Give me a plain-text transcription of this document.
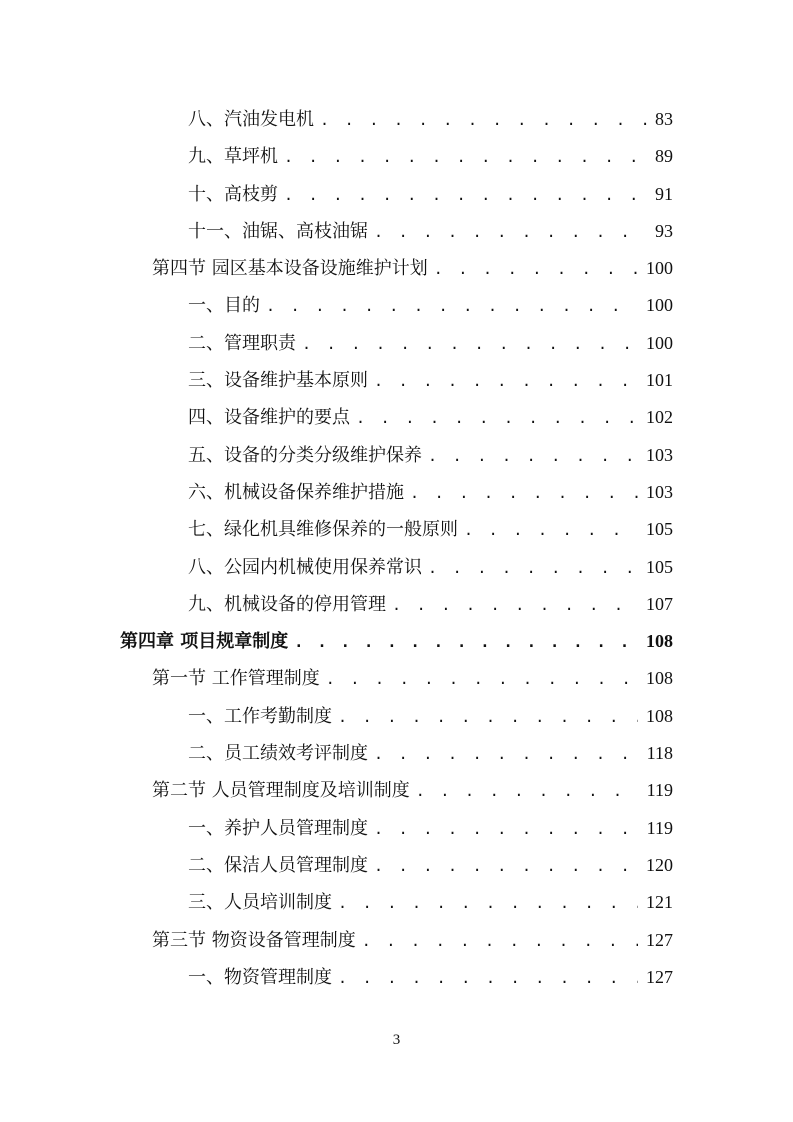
八、汽油发电机 . . .	83
九、草坪机 . . .	89
十、高枝剪 . . .	91
十一、油锯、高枝油锯 . . .	93
第四节 园区基本设备设施维护计划 . . .	100
一、目的 . . .	100
二、管理职责 . . .	100
三、设备维护基本原则 . . .	101
四、设备维护的要点 . . .	102
五、设备的分类分级维护保养 . . .	103
六、机械设备保养维护措施 . . .	103
七、绿化机具维修保养的一般原则 . . .	105
八、公园内机械使用保养常识 . . .	105
九、机械设备的停用管理 . . .	107
第四章 项目规章制度 . . .	108
第一节 工作管理制度 . . .	108
一、工作考勤制度 . . .	108
二、员工绩效考评制度 . . .	118
第二节 人员管理制度及培训制度 . . .	119
一、养护人员管理制度 . . .	119
二、保洁人员管理制度 . . .	120
三、人员培训制度 . . .	121
第三节 物资设备管理制度 . . .	127
一、物资管理制度 . . .	127
3
